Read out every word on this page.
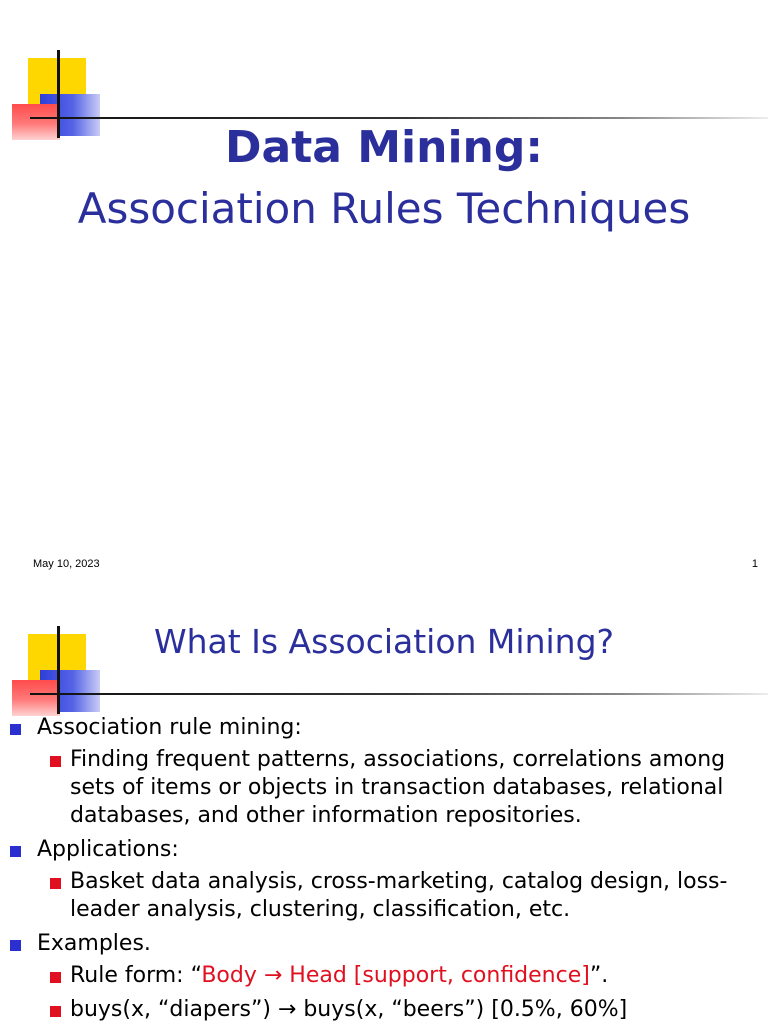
Data Mining:
Association Rules Techniques
May 10, 2023	1
What Is Association Mining?
Association rule mining:
Finding frequent patterns, associations, correlations among sets of items or objects in transaction databases, relational databases, and other information repositories.
Applications:
Basket data analysis, cross-marketing, catalog design, loss-leader analysis, clustering, classification, etc.
Examples.
Rule form: “Body → Head [support, confidence]”.
buys(x, “diapers”) → buys(x, “beers”) [0.5%, 60%]
